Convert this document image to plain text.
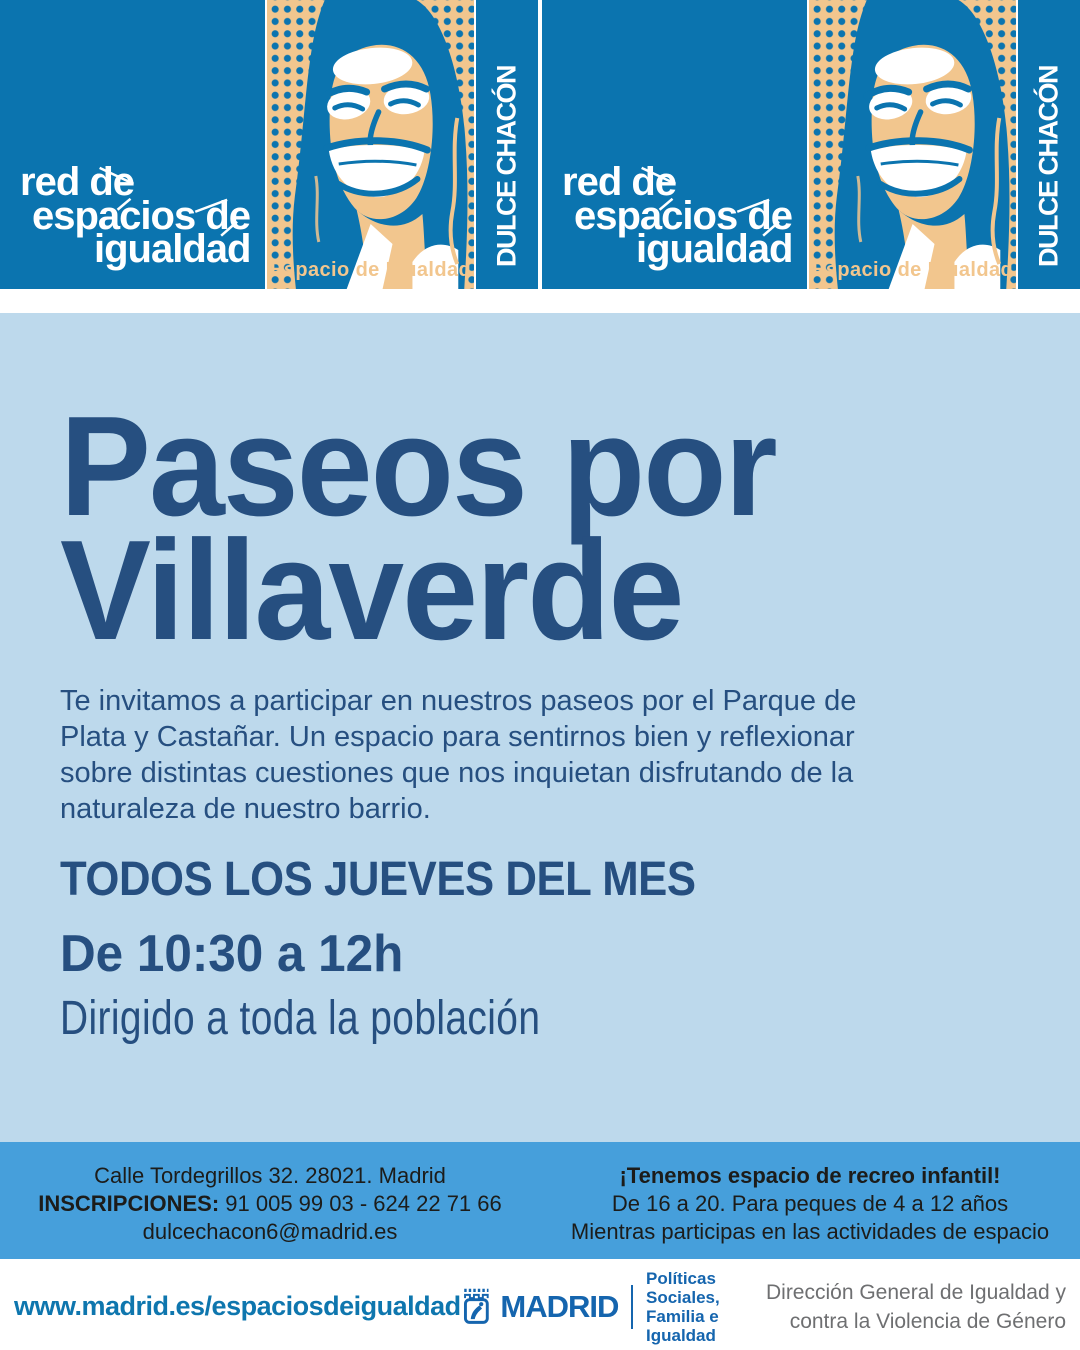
red de
espacios de
igualdad Espacio de Igualdad
DULCE CHACÓN red de
espacios de
igualdad Espacio de Igualdad
DULCE CHACÓN
Paseos por
Villaverde
Te invitamos a participar en nuestros paseos por el Parque de
Plata y Castañar. Un espacio para sentirnos bien y reflexionar
sobre distintas cuestiones que nos inquietan disfrutando de la
naturaleza de nuestro barrio.
TODOS LOS JUEVES DEL MES
De 10:30 a 12h
Dirigido a toda la población
Calle Tordegrillos 32. 28021. Madrid
INSCRIPCIONES: 91 005 99 03 - 624 22 71 66
dulcechacon6@madrid.es
¡Tenemos espacio de recreo infantil!
De 16 a 20. Para peques de 4 a 12 años
Mientras participas en las actividades de espacio
www.madrid.es/espaciosdeigualdad MADRID
Políticas Sociales,
Familia e Igualdad
Dirección General de Igualdad y
contra la Violencia de Género
